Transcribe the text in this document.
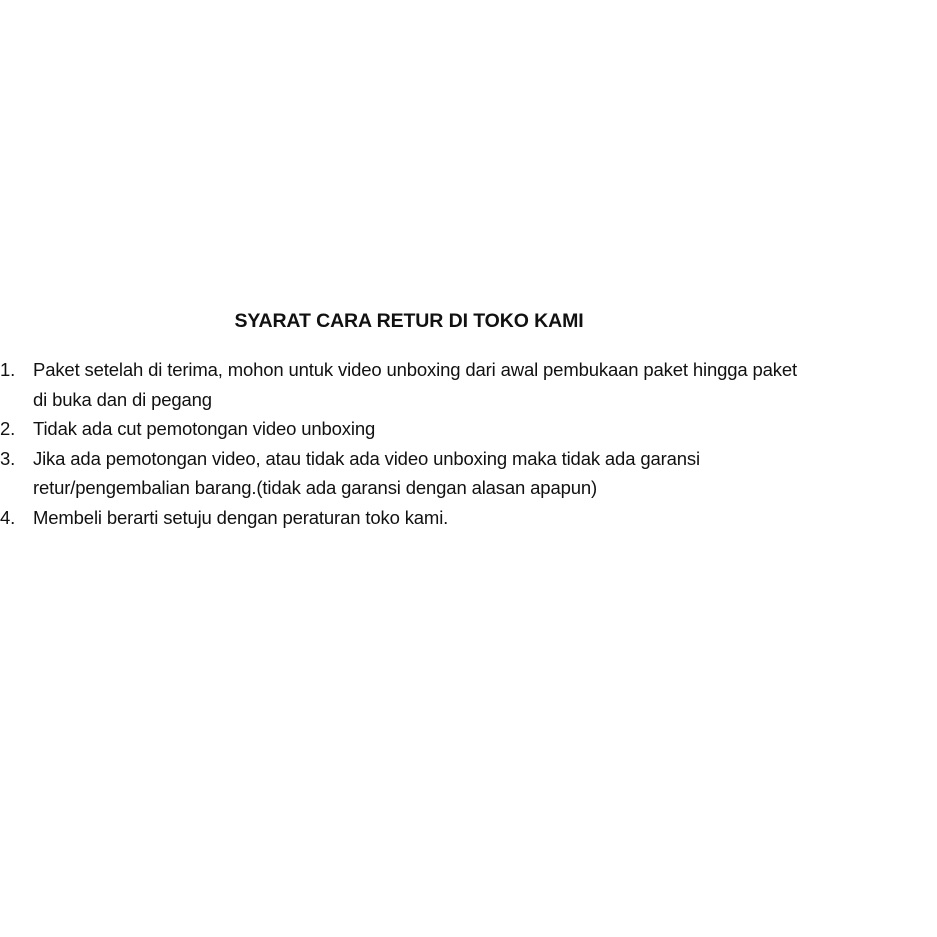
SYARAT CARA RETUR DI TOKO KAMI
1. Paket setelah di terima, mohon untuk video unboxing dari awal pembukaan paket hingga paket
di buka dan di pegang
2. Tidak ada cut pemotongan video unboxing
3. Jika ada pemotongan video, atau tidak ada video unboxing maka tidak ada garansi
retur/pengembalian barang.(tidak ada garansi dengan alasan apapun)
4. Membeli berarti setuju dengan peraturan toko kami.
